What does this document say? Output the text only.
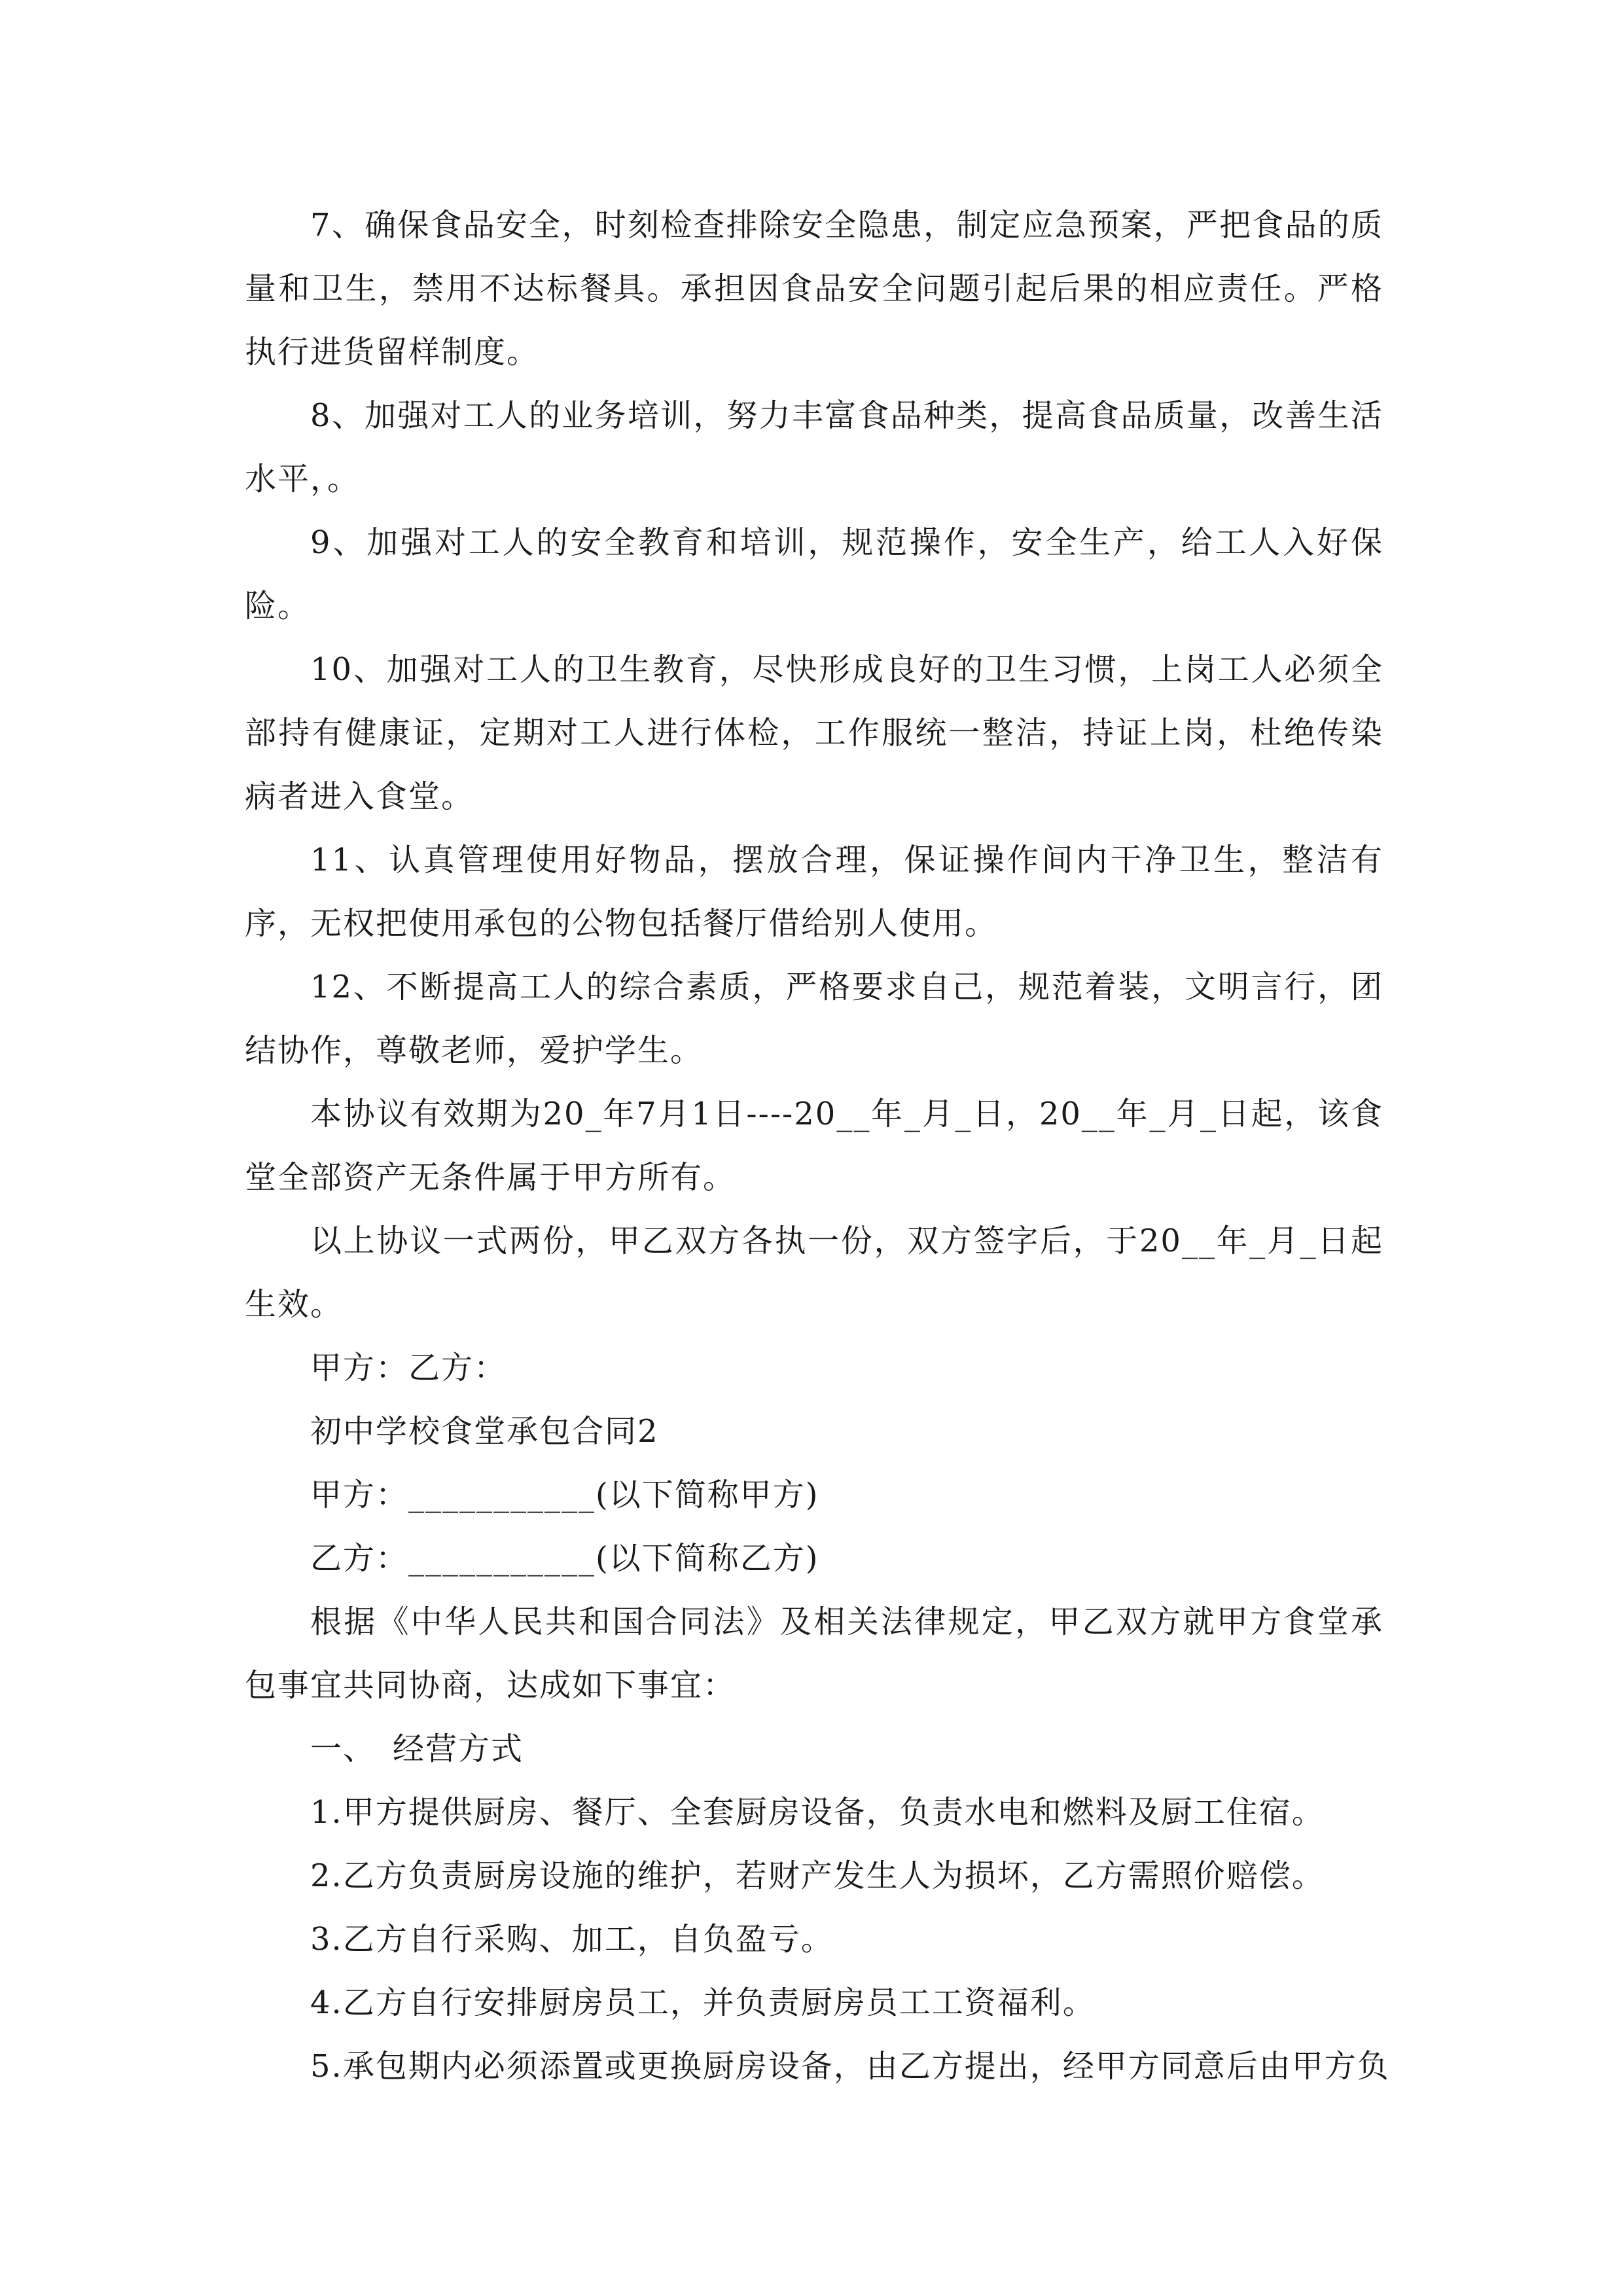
7、确保食品安全，时刻检查排除安全隐患，制定应急预案，严把食品的质量和卫生，禁用不达标餐具。承担因食品安全问题引起后果的相应责任。严格执行进货留样制度。

8、加强对工人的业务培训，努力丰富食品种类，提高食品质量，改善生活水平，。

9、加强对工人的安全教育和培训，规范操作，安全生产，给工人入好保险。

10、加强对工人的卫生教育，尽快形成良好的卫生习惯，上岗工人必须全部持有健康证，定期对工人进行体检，工作服统一整洁，持证上岗，杜绝传染病者进入食堂。

11、认真管理使用好物品，摆放合理，保证操作间内干净卫生，整洁有序，无权把使用承包的公物包括餐厅借给别人使用。

12、不断提高工人的综合素质，严格要求自己，规范着装，文明言行，团结协作，尊敬老师，爱护学生。

本协议有效期为20_年7月1日----20__年_月_日，20__年_月_日起，该食堂全部资产无条件属于甲方所有。

以上协议一式两份，甲乙双方各执一份，双方签字后，于20__年_月_日起生效。

甲方：乙方：

初中学校食堂承包合同2

甲方：___________(以下简称甲方)

乙方：___________(以下简称乙方)

根据《中华人民共和国合同法》及相关法律规定，甲乙双方就甲方食堂承包事宜共同协商，达成如下事宜：

一、　经营方式

1.甲方提供厨房、餐厅、全套厨房设备，负责水电和燃料及厨工住宿。

2.乙方负责厨房设施的维护，若财产发生人为损坏，乙方需照价赔偿。

3.乙方自行采购、加工，自负盈亏。

4.乙方自行安排厨房员工，并负责厨房员工工资福利。

5.承包期内必须添置或更换厨房设备，由乙方提出，经甲方同意后由甲方负
